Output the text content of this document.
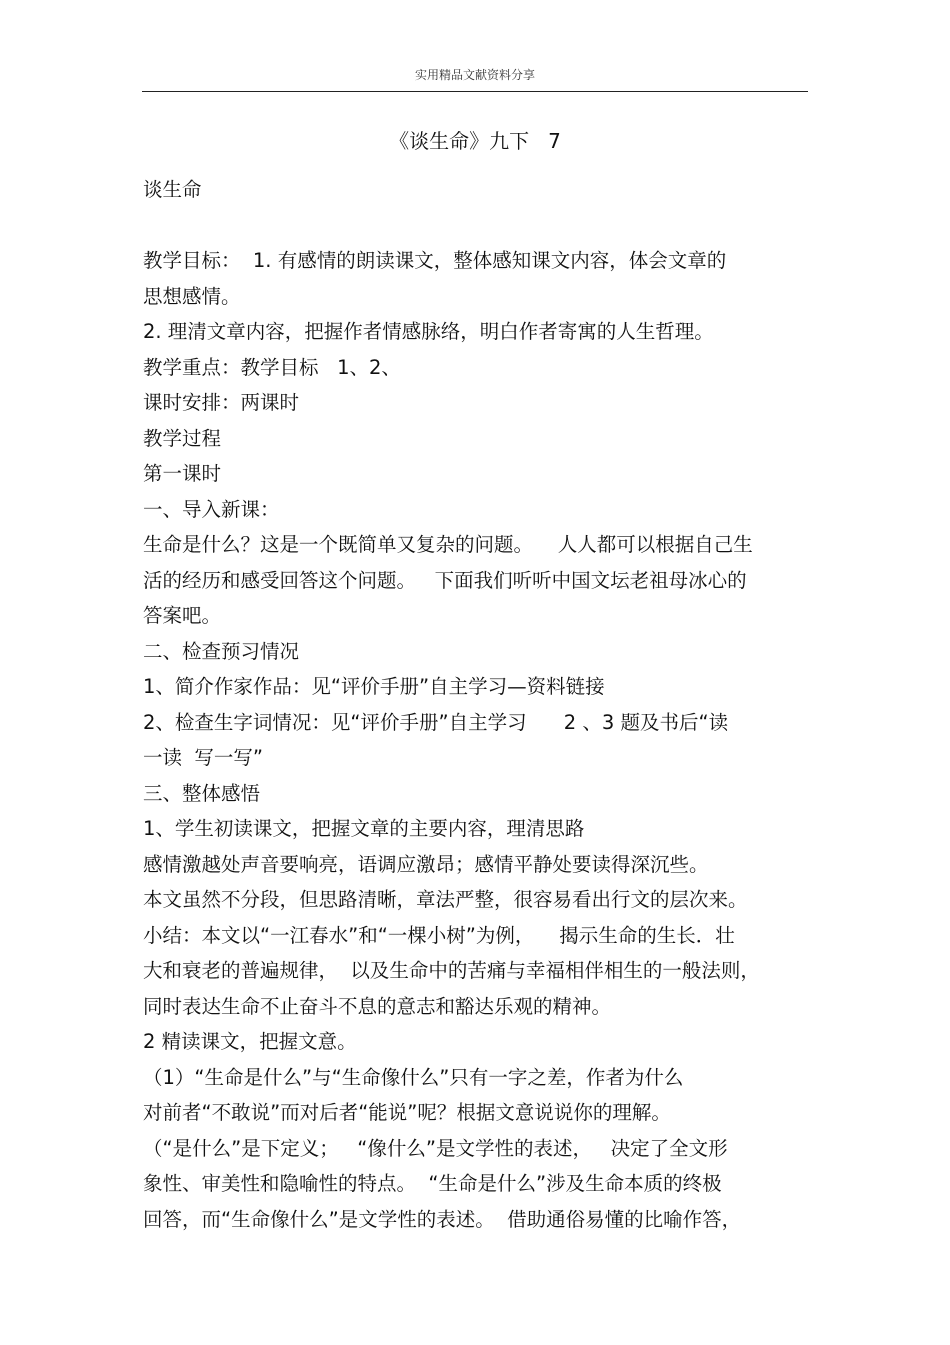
实用精品文献资料分享
《谈生命》九下   7
谈生命
教学目标：  1. 有感情的朗读课文，整体感知课文内容，体会文章的
思想感情。
2. 理清文章内容，把握作者情感脉络，明白作者寄寓的人生哲理。
教学重点：教学目标   1、2、
课时安排：两课时
教学过程
第一课时
一、导入新课：
生命是什么？这是一个既简单又复杂的问题。    人人都可以根据自己生
活的经历和感受回答这个问题。   下面我们听听中国文坛老祖母冰心的
答案吧。
二、检查预习情况
1、简介作家作品：见“评价手册”自主学习—资料链接
2、检查生字词情况：见“评价手册”自主学习      2 、3 题及书后“读
一读  写一写”
三、整体感悟
1、学生初读课文，把握文章的主要内容，理清思路
感情激越处声音要响亮，语调应激昂；感情平静处要读得深沉些。
本文虽然不分段，但思路清晰，章法严整，很容易看出行文的层次来。
小结：本文以“一江春水”和“一棵小树”为例，    揭示生命的生长．壮
大和衰老的普遍规律，  以及生命中的苦痛与幸福相伴相生的一般法则，
同时表达生命不止奋斗不息的意志和豁达乐观的精神。
2 精读课文，把握文意。
（1）“生命是什么”与“生命像什么”只有一字之差，作者为什么
对前者“不敢说”而对后者“能说”呢？根据文意说说你的理解。
（“是什么”是下定义；   “像什么”是文学性的表述，   决定了全文形
象性、审美性和隐喻性的特点。  “生命是什么”涉及生命本质的终极
回答，而“生命像什么”是文学性的表述。  借助通俗易懂的比喻作答，
